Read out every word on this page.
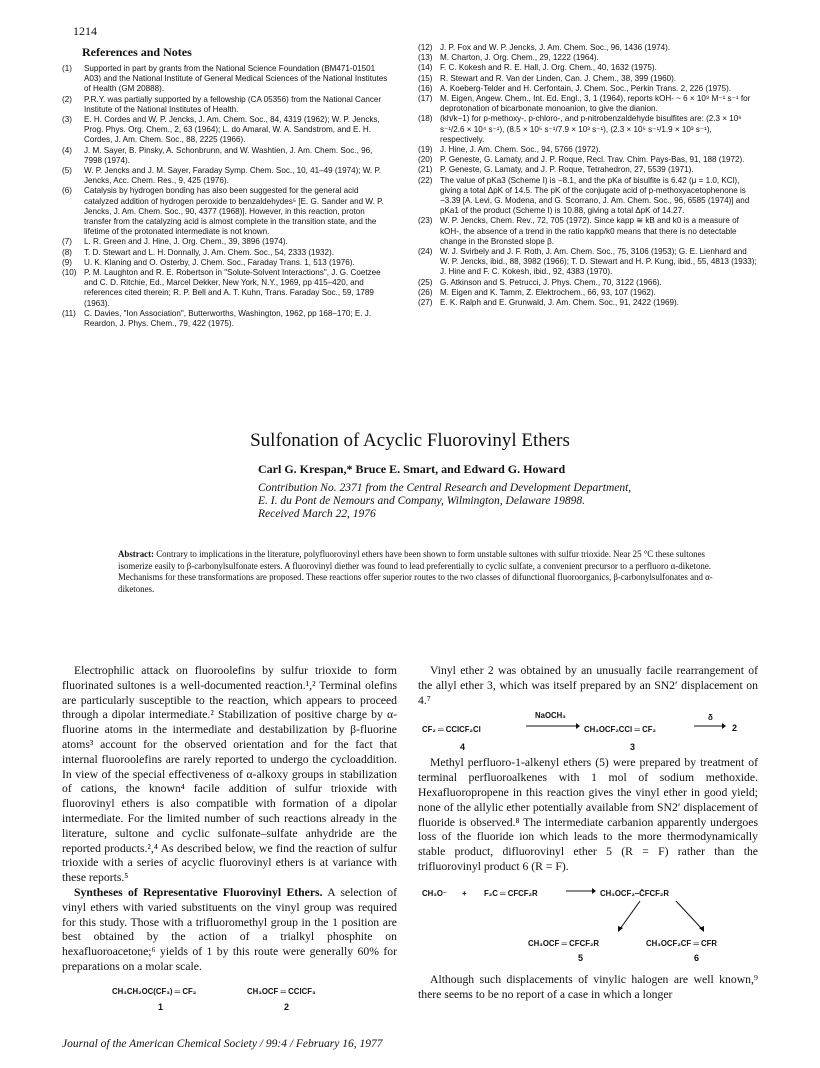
1214
References and Notes
(1)	Supported in part by grants from the National Science Foundation (BM471-01501 A03) and the National Institute of General Medical Sciences of the National Institutes of Health (GM 20888).
(2)	P.R.Y. was partially supported by a fellowship (CA 05356) from the National Cancer Institute of the National Institutes of Health.
(3)	E. H. Cordes and W. P. Jencks, J. Am. Chem. Soc., 84, 4319 (1962); W. P. Jencks, Prog. Phys. Org. Chem., 2, 63 (1964); L. do Amaral, W. A. Sandstrom, and E. H. Cordes, J. Am. Chem. Soc., 88, 2225 (1966).
(4)	J. M. Sayer, B. Pinsky, A. Schonbrunn, and W. Washtien, J. Am. Chem. Soc., 96, 7998 (1974).
(5)	W. P. Jencks and J. M. Sayer, Faraday Symp. Chem. Soc., 10, 41–49 (1974); W. P. Jencks, Acc. Chem. Res., 9, 425 (1976).
(6)	Catalysis by hydrogen bonding has also been suggested for the general acid catalyzed addition of hydrogen peroxide to benzaldehydes⁵ [E. G. Sander and W. P. Jencks, J. Am. Chem. Soc., 90, 4377 (1968)]. However, in this reaction, proton transfer from the catalyzing acid is almost complete in the transition state, and the lifetime of the protonated intermediate is not known.
(7)	L. R. Green and J. Hine, J. Org. Chem., 39, 3896 (1974).
(8)	T. D. Stewart and L. H. Donnally, J. Am. Chem. Soc., 54, 2333 (1932).
(9)	U. K. Klaning and O. Osterby, J. Chem. Soc., Faraday Trans. 1, 513 (1976).
(10) P. M. Laughton and R. E. Robertson in "Solute-Solvent Interactions", J. G. Coetzee and C. D. Ritchie, Ed., Marcel Dekker, New York, N.Y., 1969, pp 415–420, and references cited therein; R. P. Bell and A. T. Kuhn, Trans. Faraday Soc., 59, 1789 (1963).
(11)	C. Davies, "Ion Association", Butterworths, Washington, 1962, pp 168–170; E. J. Reardon, J. Phys. Chem., 79, 422 (1975).
(12) J. P. Fox and W. P. Jencks, J. Am. Chem. Soc., 96, 1436 (1974).
(13) M. Charton, J. Org. Chem., 29, 1222 (1964).
(14) F. C. Kokesh and R. E. Hall, J. Org. Chem., 40, 1632 (1975).
(15) R. Stewart and R. Van der Linden, Can. J. Chem., 38, 399 (1960).
(16) A. Koeberg-Telder and H. Cerfontain, J. Chem. Soc., Perkin Trans. 2, 226 (1975).
(17) M. Eigen, Angew. Chem., Int. Ed. Engl., 3, 1 (1964), reports kOH- ~ 6 × 10⁹ M⁻¹ s⁻¹ for deprotonation of bicarbonate monoanion, to give the dianion.
(18) (kh/k−1) for p-methoxy-, p-chloro-, and p-nitrobenzaldehyde bisulfites are: (2.3 × 10⁶ s⁻¹/2.6 × 10⁴ s⁻¹), (8.5 × 10⁵ s⁻¹/7.9 × 10³ s⁻¹), (2.3 × 10⁵ s⁻¹/1.9 × 10³ s⁻¹), respectively.
(19) J. Hine, J. Am. Chem. Soc., 94, 5766 (1972).
(20) P. Geneste, G. Lamaty, and J. P. Roque, Recl. Trav. Chim. Pays-Bas, 91, 188 (1972).
(21) P. Geneste, G. Lamaty, and J. P. Roque, Tetrahedron, 27, 5539 (1971).
(22) The value of pKa3 (Scheme I) is −8.1, and the pKa of bisulfite is 6.42 (μ = 1.0, KCl), giving a total ΔpK of 14.5. The pK of the conjugate acid of p-methoxyacetophenone is −3.39 [A. Levi, G. Modena, and G. Scorrano, J. Am. Chem. Soc., 96, 6585 (1974)] and pKa1 of the product (Scheme I) is 10.88, giving a total ΔpK of 14.27.
(23) W. P. Jencks, Chem. Rev., 72, 705 (1972). Since kapp ≅ kB and k0 is a measure of kOH-, the absence of a trend in the ratio kapp/k0 means that there is no detectable change in the Bronsted slope β.
(24) W. J. Svirbely and J. F. Roth, J. Am. Chem. Soc., 75, 3106 (1953); G. E. Lienhard and W. P. Jencks, ibid., 88, 3982 (1966); T. D. Stewart and H. P. Kung, ibid., 55, 4813 (1933); J. Hine and F. C. Kokesh, ibid., 92, 4383 (1970).
(25) G. Atkinson and S. Petrucci, J. Phys. Chem., 70, 3122 (1966).
(26) M. Eigen and K. Tamm, Z. Elektrochem., 66, 93, 107 (1962).
(27) E. K. Ralph and E. Grunwald, J. Am. Chem. Soc., 91, 2422 (1969).
Sulfonation of Acyclic Fluorovinyl Ethers
Carl G. Krespan,* Bruce E. Smart, and Edward G. Howard
Contribution No. 2371 from the Central Research and Development Department,
E. I. du Pont de Nemours and Company, Wilmington, Delaware 19898.
Received March 22, 1976
Abstract: Contrary to implications in the literature, polyfluorovinyl ethers have been shown to form unstable sultones with sulfur trioxide. Near 25 °C these sultones isomerize easily to β-carbonylsulfonate esters. A fluorovinyl diether was found to lead preferentially to cyclic sulfate, a convenient precursor to a perfluoro α-diketone. Mechanisms for these transformations are proposed. These reactions offer superior routes to the two classes of difunctional fluoroorganics, β-carbonylsulfonates and α-diketones.

Electrophilic attack on fluoroolefins by sulfur trioxide to form fluorinated sultones is a well-documented reaction.¹,² Terminal olefins are particularly susceptible to the reaction, which appears to proceed through a dipolar intermediate.² Stabilization of positive charge by α-fluorine atoms in the intermediate and destabilization by β-fluorine atoms³ account for the observed orientation and for the fact that internal fluoroolefins are rarely reported to undergo the cycloaddition. In view of the special effectiveness of α-alkoxy groups in stabilization of cations, the known⁴ facile addition of sulfur trioxide with fluorovinyl ethers is also compatible with formation of a dipolar intermediate. For the limited number of such reactions already in the literature, sultone and cyclic sulfonate–sulfate anhydride are the reported products.²,⁴ As described below, we find the reaction of sulfur trioxide with a series of acyclic fluorovinyl ethers is at variance with these reports.⁵

Syntheses of Representative Fluorovinyl Ethers. A selection of vinyl ethers with varied substituents on the vinyl group was required for this study. Those with a trifluoromethyl group in the 1 position are best obtained by the action of a trialkyl phosphite on hexafluoroacetone;⁶ yields of 1 by this route were generally 60% for preparations on a molar scale.

CH₃CH₂OC(CF₃) ═ CF₂	CH₃OCF ═ CClCF₃
1	2

Vinyl ether 2 was obtained by an unusually facile rearrangement of the allyl ether 3, which was itself prepared by an SN2′ displacement on 4.⁷

CF₂ ═ CClCF₂Cl
NaOCH₃
CH₃OCF₂CCl ═ CF₂
δ
→ 2
4	3

Methyl perfluoro-1-alkenyl ethers (5) were prepared by treatment of terminal perfluoroalkenes with 1 mol of sodium methoxide. Hexafluoropropene in this reaction gives the vinyl ether in good yield; none of the allylic ether potentially available from SN2′ displacement of fluoride is observed.⁸ The intermediate carbanion apparently undergoes loss of the fluoride ion which leads to the more thermodynamically stable product, difluorovinyl ether 5 (R = F) rather than the trifluorovinyl product 6 (R = F).

CH₃O⁻ + F₂C ═ CFCF₂R → CH₃OCF₂–C̄FCF₂R
CH₃OCF ═ CFCF₂R	CH₃OCF₂CF ═ CFR
5	6

Although such displacements of vinylic halogen are well known,⁹ there seems to be no report of a case in which a longer

Journal of the American Chemical Society / 99:4 / February 16, 1977
